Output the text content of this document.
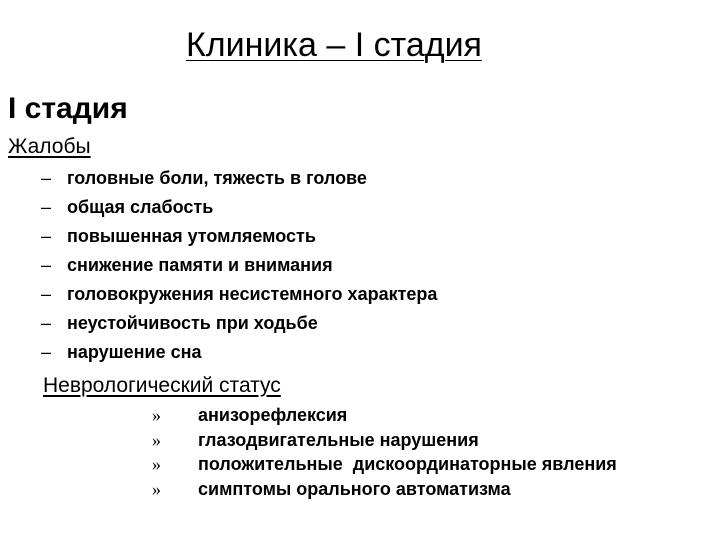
Клиника – I стадия
I стадия
Жалобы
– головные боли, тяжесть в голове
– общая слабость
– повышенная утомляемость
– снижение памяти и внимания
– головокружения несистемного характера
– неустойчивость при ходьбе
– нарушение сна
Неврологический статус
» анизорефлексия
» глазодвигательные нарушения
» положительные  дискоординаторные явления
» симптомы орального автоматизма
